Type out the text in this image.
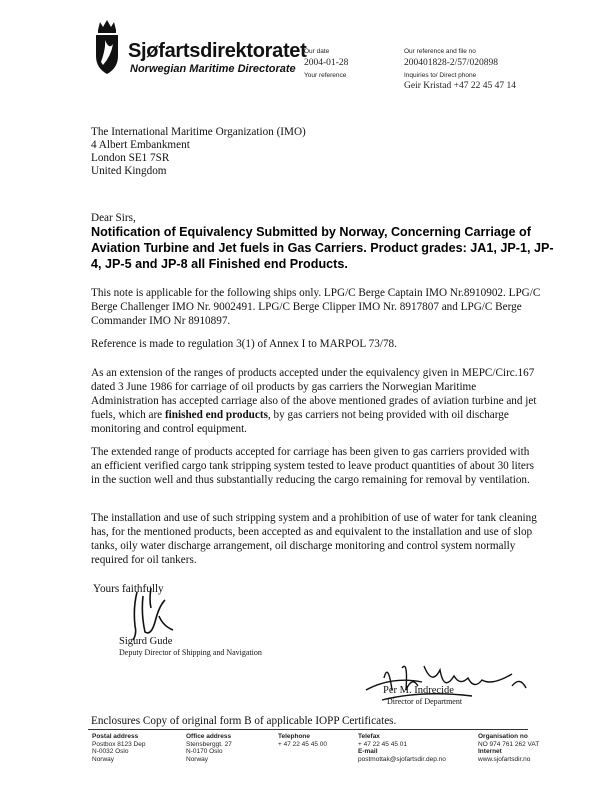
Sjøfartsdirektoratet
Norwegian Maritime Directorate
Our date
2004-01-28
Your reference
Our reference and file no
200401828-2/57/020898
Inquiries to/ Direct phone
Geir Kristad +47 22 45 47 14
The International Maritime Organization (IMO)
4 Albert Embankment
London SE1 7SR
United Kingdom
Dear Sirs,
Notification of Equivalency Submitted by Norway, Concerning Carriage of Aviation Turbine and Jet fuels in Gas Carriers. Product grades: JA1, JP-1, JP-4, JP-5 and JP-8 all Finished end Products.
This note is applicable for the following ships only. LPG/C Berge Captain IMO Nr.8910902. LPG/C Berge Challenger IMO Nr. 9002491. LPG/C Berge Clipper IMO Nr. 8917807 and LPG/C Berge Commander IMO Nr 8910897.
Reference is made to regulation 3(1) of Annex I to MARPOL 73/78.
As an extension of the ranges of products accepted under the equivalency given in MEPC/Circ.167 dated 3 June 1986 for carriage of oil products by gas carriers the Norwegian Maritime Administration has accepted carriage also of the above mentioned grades of aviation turbine and jet fuels, which are finished end products, by gas carriers not being provided with oil discharge monitoring and control equipment.
The extended range of products accepted for carriage has been given to gas carriers provided with an efficient verified cargo tank stripping system tested to leave product quantities of about 30 liters in the suction well and thus substantially reducing the cargo remaining for removal by ventilation.
The installation and use of such stripping system and a prohibition of use of water for tank cleaning has, for the mentioned products, been accepted as and equivalent to the installation and use of slop tanks, oily water discharge arrangement, oil discharge monitoring and control system normally required for oil tankers.
Yours faithfully
Sigurd Gude
Deputy Director of Shipping and Navigation
Per M. Indrecide
Director of Department
Enclosures Copy of original form B of applicable IOPP Certificates.
Postal address
Postbox 8123 Dep
N-0032 Oslo
Norway
Office address
Stensberggt. 27
N-0170 Oslo
Norway
Telephone
+ 47 22 45 45 00
Telefax
+ 47 22 45 45 01
E-mail
postmottak@sjofartsdir.dep.no
Organisation no
NO 974 761 262 VAT
Internet
www.sjofartsdir.no
